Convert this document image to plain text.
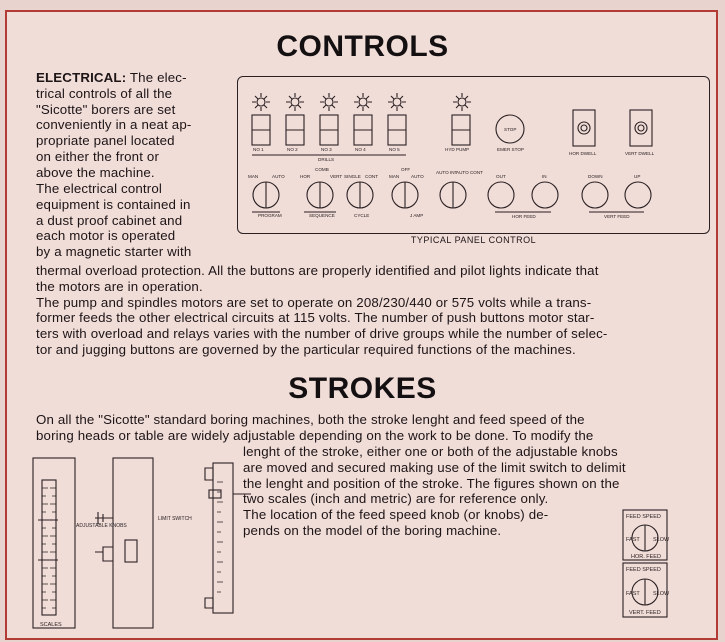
CONTROLS

ELECTRICAL: The elec-
trical controls of all the
"Sicotte" borers are set
conveniently in a neat ap-
propriate panel located
on either the front or
above the machine.

The electrical control
equipment is contained in
a dust proof cabinet and
each motor is operated
by a magnetic starter with

thermal overload protection. All the buttons are properly identified and pilot lights indicate that
the motors are in operation.
The pump and spindles motors are set to operate on 208/230/440 or 575 volts while a trans-
former feeds the other electrical circuits at 115 volts. The number of push buttons motor star-
ters with overload and relays varies with the number of drive groups while the number of selec-
tor and jugging buttons are governed by the particular required functions of the machines.

NO 1	NO 2	NO 3	NO 4	NO 5
DRILLS
HYD PUMP
STOP
EMER STOP
HOR DWELL	VERT DWELL
MAN	AUTO
PROGRAM
HOR
COMB
VERT
SEQUENCE
SINGLE CONT
CYCLE
MAN
OFF
AUTO
J AMP
AUTO INT
AUTO CONT
OUT	IN
HOR FEED
DOWN	UP
VERT FEED
TYPICAL PANEL CONTROL
STROKES

On all the "Sicotte" standard boring machines, both the stroke lenght and feed speed of the
boring heads or table are widely adjustable depending on the work to be done. To modify the

lenght of the stroke, either one or both of the adjustable knobs
are moved and secured making use of the limit switch to delimit
the lenght and position of the stroke. The figures shown on the
two scales (inch and metric) are for reference only.
The location of the feed speed knob (or knobs) de-
pends on the model of the boring machine.

SCALES
ADJUSTABLE KNOBS
LIMIT SWITCH	FEED SPEED
FAST SLOW
HOR. FEED
FEED SPEED
FAST SLOW
VERT. FEED
